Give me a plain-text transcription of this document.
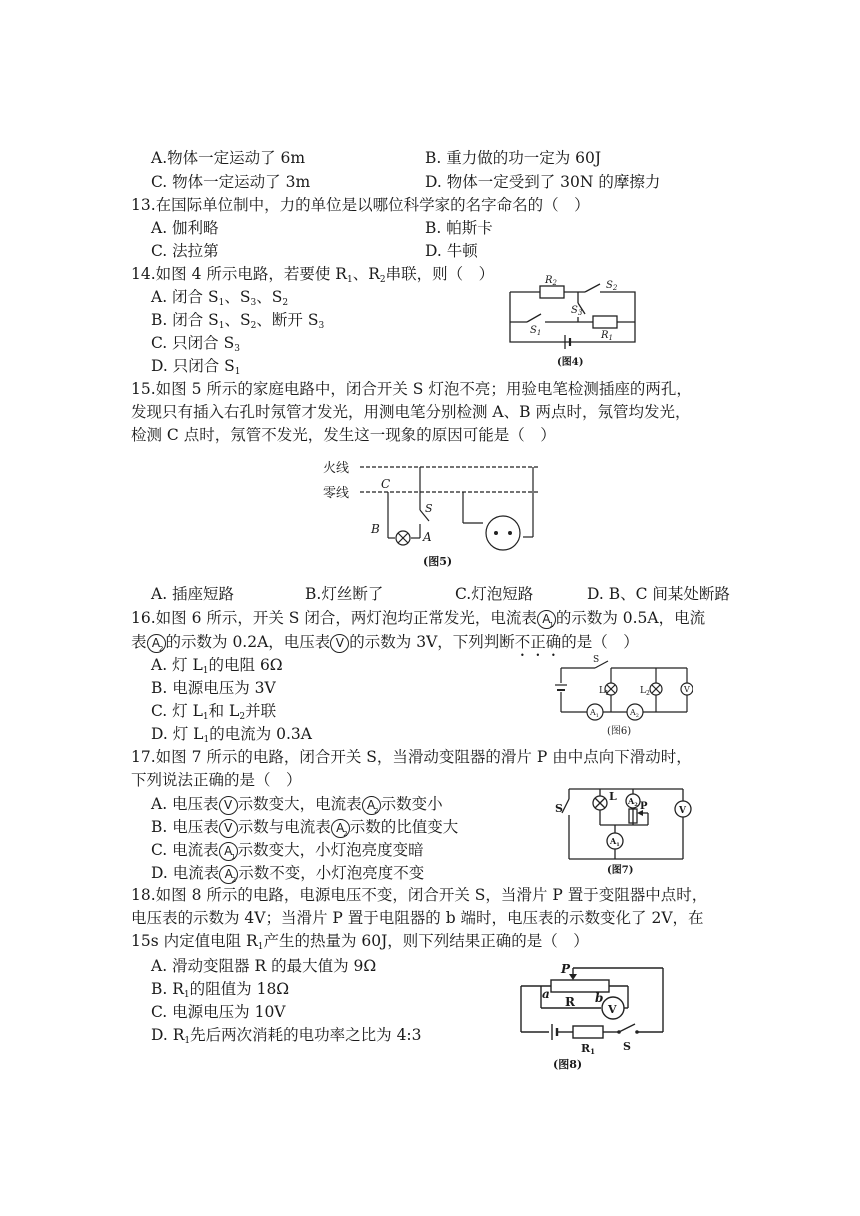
A.物体一定运动了 6m	B. 重力做的功一定为 60J
C. 物体一定运动了 3m	D. 物体一定受到了 30N 的摩擦力
13.在国际单位制中，力的单位是以哪位科学家的名字命名的（　）
A. 伽利略	B. 帕斯卡
C. 法拉第	D. 牛顿
14.如图 4 所示电路，若要使 $R_1$、$R_2$串联，则（　）
A. 闭合 $S_1$、$S_3$、$S_2$
B. 闭合 $S_1$、$S_2$、断开 $S_3$
C. 只闭合 $S_3$
D. 只闭合 $S_1$
$R_2$	$S_2$
$S_3$
$S_1$	$R_1$
(图4)
15.如图 5 所示的家庭电路中，闭合开关 S 灯泡不亮；用验电笔检测插座的两孔，
发现只有插入右孔时氖管才发光，用测电笔分别检测 A、B 两点时，氖管均发光，
检测 C 点时，氖管不发光，发生这一现象的原因可能是（　）
火线
零线
C
B
S
A
(图5)
A. 插座短路	B.灯丝断了	C.灯泡短路	D. B、C 间某处断路
16.如图 6 所示，开关 S 闭合，两灯泡均正常发光，电流表 A
1 的示数为 0.5A，电流
表 A
2 的示数为 0.2A，电压表 V 的示数为 3V，下列判断不正确的是（　）
A. 灯 $L_1$的电阻 6Ω
B. 电源电压为 3V
C. 灯 $L_1$和 $L_2$并联
D. 灯 $L_1$的电流为 0.3A
S
$L_1$	$L_2$	V
$A_1$	$A_2$
(图6)
17.如图 7 所示的电路，闭合开关 S，当滑动变阻器的滑片 P 由中点向下滑动时，
下列说法正确的是（　）
A. 电压表 V 示数变大，电流表 A
2 示数变小
B. 电压表 V 示数与电流表 A
2 示数的比值变大
C. 电流表 A
1 示数变大，小灯泡亮度变暗
D. 电流表 A
2 示数不变，小灯泡亮度不变
S
L
P	V
$A_2$
$A_1$
(图7)
18.如图 8 所示的电路，电源电压不变，闭合开关 S，当滑片 P 置于变阻器中点时，
电压表的示数为 4V；当滑片 P 置于电阻器的 b 端时，电压表的示数变化了 2V，在
15s 内定值电阻 $R_1$产生的热量为 60J，则下列结果正确的是（　）
A. 滑动变阻器 R 的最大值为 9Ω
B. $R_1$的阻值为 18Ω
C. 电源电压为 10V
D. $R_1$先后两次消耗的电功率之比为 4:3
P
a
R b
V
R1	S
(图8)
